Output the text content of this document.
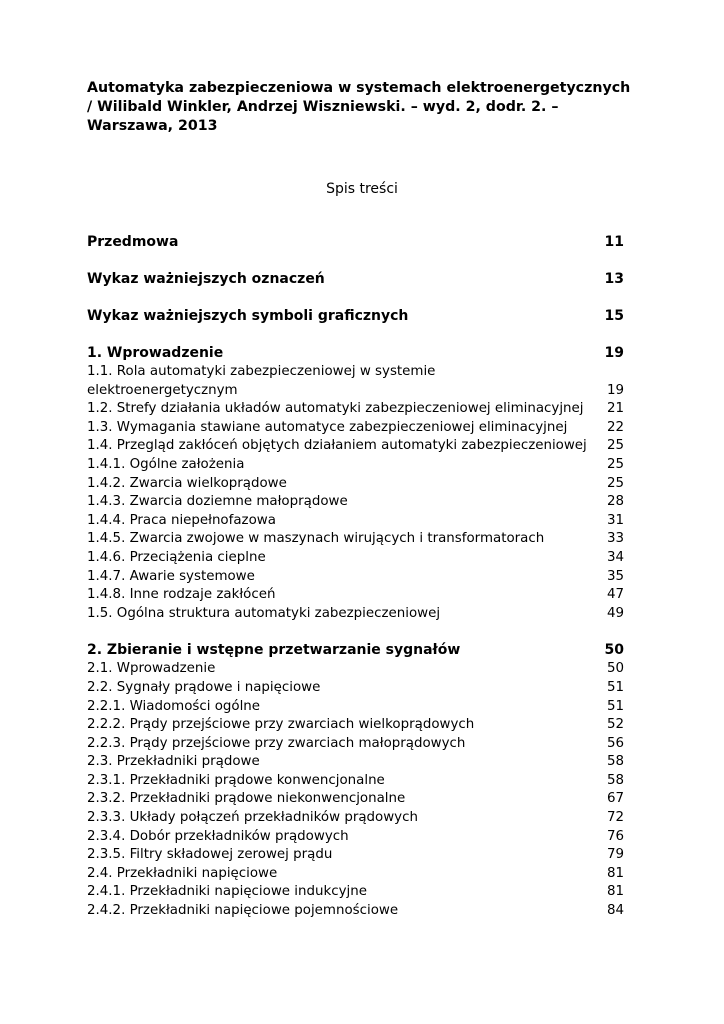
Automatyka zabezpieczeniowa w systemach elektroenergetycznych / Wilibald Winkler, Andrzej Wiszniewski. – wyd. 2, dodr. 2. – Warszawa, 2013

Spis treści

Przedmowa	11
Wykaz ważniejszych oznaczeń	13
Wykaz ważniejszych symboli graficznych	15
1. Wprowadzenie	19
1.1. Rola automatyki zabezpieczeniowej w systemie elektroenergetycznym	19
1.2. Strefy działania układów automatyki zabezpieczeniowej eliminacyjnej	21
1.3. Wymagania stawiane automatyce zabezpieczeniowej eliminacyjnej	22
1.4. Przegląd zakłóceń objętych działaniem automatyki zabezpieczeniowej	25
1.4.1. Ogólne założenia	25
1.4.2. Zwarcia wielkoprądowe	25
1.4.3. Zwarcia doziemne małoprądowe	28
1.4.4. Praca niepełnofazowa	31
1.4.5. Zwarcia zwojowe w maszynach wirujących i transformatorach	33
1.4.6. Przeciążenia cieplne	34
1.4.7. Awarie systemowe	35
1.4.8. Inne rodzaje zakłóceń	47
1.5. Ogólna struktura automatyki zabezpieczeniowej	49
2. Zbieranie i wstępne przetwarzanie sygnałów	50
2.1. Wprowadzenie	50
2.2. Sygnały prądowe i napięciowe	51
2.2.1. Wiadomości ogólne	51
2.2.2. Prądy przejściowe przy zwarciach wielkoprądowych	52
2.2.3. Prądy przejściowe przy zwarciach małoprądowych	56
2.3. Przekładniki prądowe	58
2.3.1. Przekładniki prądowe konwencjonalne	58
2.3.2. Przekładniki prądowe niekonwencjonalne	67
2.3.3. Układy połączeń przekładników prądowych	72
2.3.4. Dobór przekładników prądowych	76
2.3.5. Filtry składowej zerowej prądu	79
2.4. Przekładniki napięciowe	81
2.4.1. Przekładniki napięciowe indukcyjne	81
2.4.2. Przekładniki napięciowe pojemnościowe	84
